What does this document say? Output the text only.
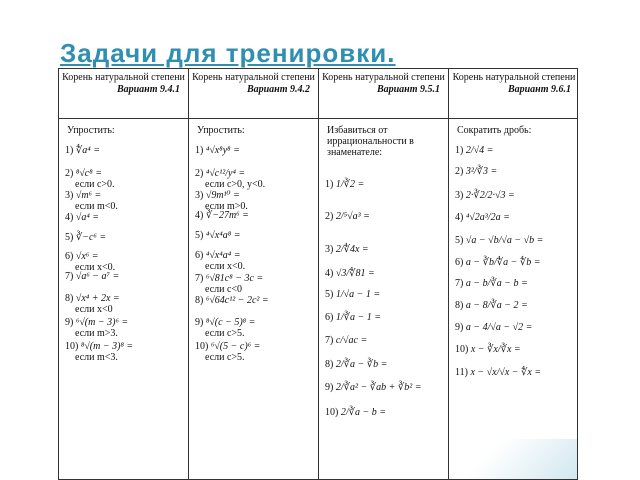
Задачи для тренировки.
Корень натуральной степени
Вариант 9.4.1
Упростить:
1) ∜a⁴ =
2) ⁸√c⁸ =
если c>0.
3) √m⁶ =
если m<0.
4) √a⁴ =
5) ∛−c⁶ =
6) √x⁶ =
если x<0.
7) √a⁶ − a⁷ =
8) √x⁴ + 2x =
если x<0
9) ⁶√(m − 3)⁶ =
если m>3.
10) ⁸√(m − 3)⁸ =
если m<3.
Корень натуральной степени
Вариант 9.4.2
Упростить:
1) ⁴√x⁸y⁸ =
2) ⁴√c¹²/y⁴ =
если c>0, y<0.
3) √9m¹⁰ =
если m>0.
4) ∛−27m⁶ =
5) ⁴√x⁴a⁸ =
6) ⁴√x⁴a⁴ =
если x<0.
7) ⁶√81c⁸ − 3c =
если c<0
8) ⁶√64c¹² − 2c² =
9) ⁸√(c − 5)⁸ =
если c>5.
10) ⁶√(5 − c)⁶ =
если c>5.
Корень натуральной степени
Вариант 9.5.1
Избавиться от иррациональности в знаменателе:
1) 1/∛2 =
2) 2/⁵√a³ =
3) 2/∜4x =
4) √3/∜81 =
5) 1/√a − 1 =
6) 1/∛a − 1 =
7) c/√ac =
8) 2/∛a − ∛b =
9) 2/∛a² − ∛ab + ∛b² =
10) 2/∛a − b =
Корень натуральной степени
Вариант 9.6.1
Сократить дробь:
1) 2/√4 =
2) 3²/∛3 =
3) 2·∛2/2·√3 =
4) ⁴√2a³/2a =
5) √a − √b/√a − √b =
6) a − ∛b/∜a − ∜b =
7) a − b/∛a − b =
8) a − 8/∛a − 2 =
9) a − 4/√a − √2 =
10) x − ∛x/∛x =
11) x − √x/√x − ∜x =
